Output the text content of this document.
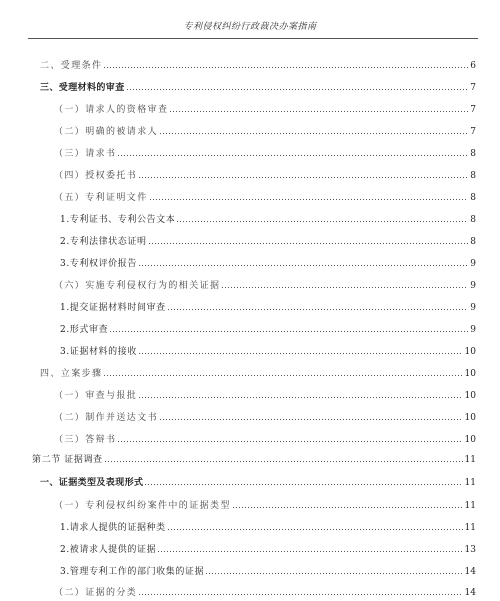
专利侵权纠纷行政裁决办案指南
二、受理条件	6
三、受理材料的审查	7
（一）请求人的资格审查	7
（二）明确的被请求人	7
（三）请求书	8
（四）授权委托书	8
（五）专利证明文件	8
1.专利证书、专利公告文本	8
2.专利法律状态证明	8
3.专利权评价报告	9
（六）实施专利侵权行为的相关证据	9
1.提交证据材料时间审查	9
2.形式审查	9
3.证据材料的接收	10
四、立案步骤	10
（一）审查与报批	10
（二）制作并送达文书	10
（三）答辩书	10
第二节 证据调查	11
一、证据类型及表现形式	11
（一）专利侵权纠纷案件中的证据类型	11
1.请求人提供的证据种类	11
2.被请求人提供的证据	13
3.管理专利工作的部门收集的证据	14
（二）证据的分类	14
